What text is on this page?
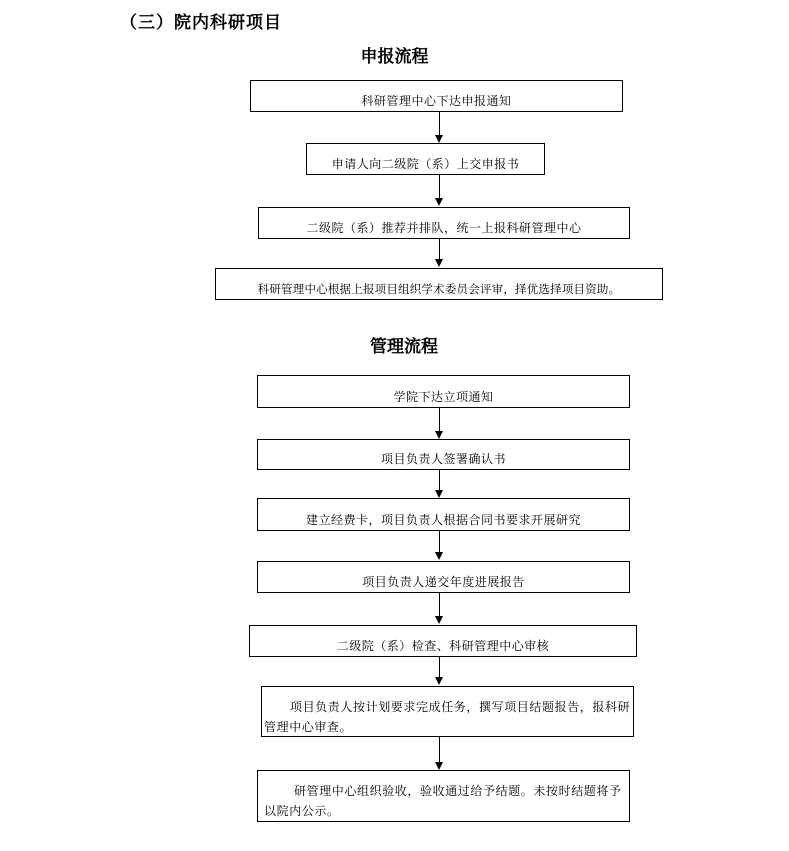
（三）院内科研项目
申报流程
科研管理中心下达申报通知
申请人向二级院（系）上交申报书
二级院（系）推荐并排队，统一上报科研管理中心
科研管理中心根据上报项目组织学术委员会评审，择优选择项目资助。
管理流程
学院下达立项通知
项目负责人签署确认书
建立经费卡，项目负责人根据合同书要求开展研究
项目负责人递交年度进展报告
二级院（系）检查、科研管理中心审核
项目负责人按计划要求完成任务，撰写项目结题报告，报科研管理中心审查。
研管理中心组织验收，验收通过给予结题。未按时结题将予以院内公示。
